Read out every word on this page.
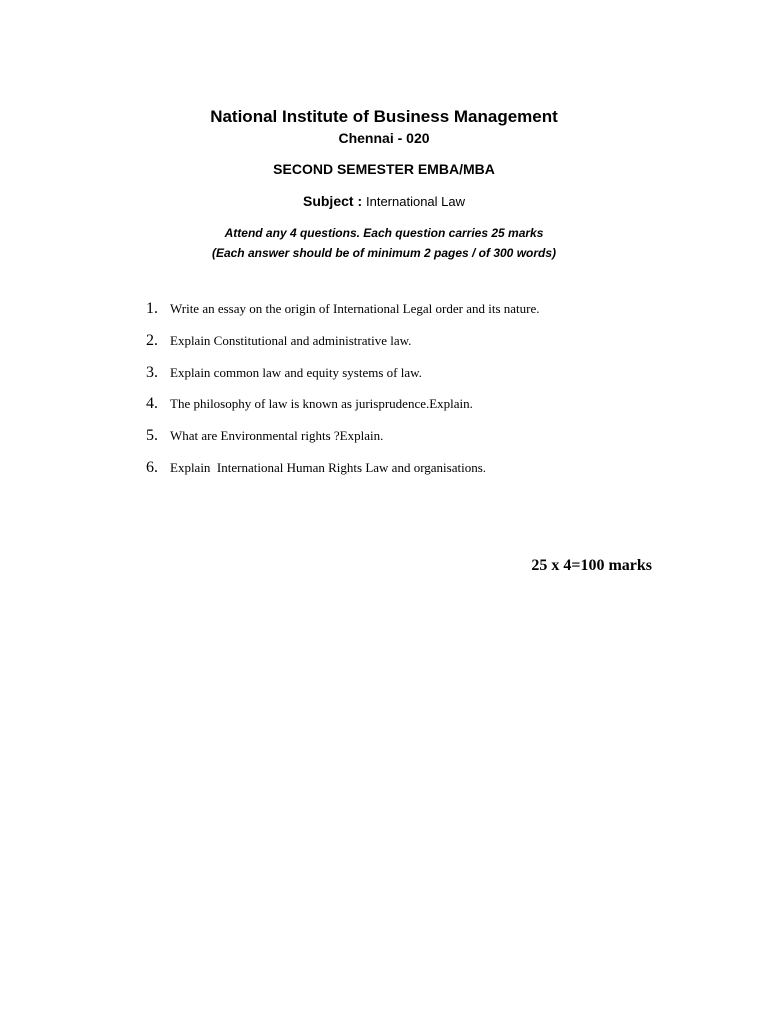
National Institute of Business Management
Chennai - 020
SECOND SEMESTER EMBA/MBA
Subject : International Law
Attend any 4 questions. Each question carries 25 marks
(Each answer should be of minimum 2 pages / of 300 words)
1. Write an essay on the origin of International Legal order and its nature.
2. Explain Constitutional and administrative law.
3. Explain common law and equity systems of law.
4. The philosophy of law is known as jurisprudence.Explain.
5. What are Environmental rights ?Explain.
6. Explain  International Human Rights Law and organisations.
25 x 4=100 marks
